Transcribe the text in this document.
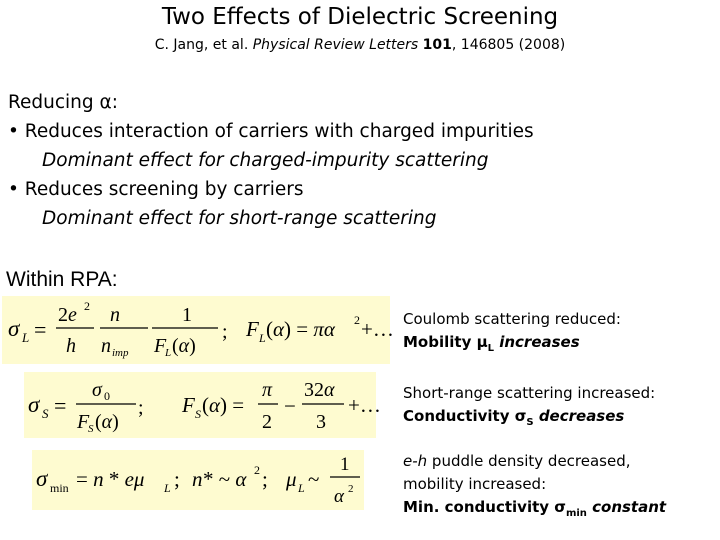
Two Effects of Dielectric Screening
C. Jang, et al. Physical Review Letters 101, 146805 (2008)
Reducing α:
• Reduces interaction of carriers with charged impurities
Dominant effect for charged-impurity scattering
• Reduces screening by carriers
Dominant effect for short-range scattering
Within RPA:
σ L =
2e 2
h
n
n imp
1
F
L (α)
; F L (α) = πα 2 +…
σ S =
σ 0
F
S (α)
; F S (α) =
π
2
−
32α
3
+…
σ min = n * eμ L ; n * ~ α 2 ; μ L ~
1
α 2
Coulomb scattering reduced:
Mobility $\mu_L$ increases
Short-range scattering increased:
Conductivity $\sigma_S$ decreases
e-h puddle density decreased,
mobility increased:
Min. conductivity $\sigma_{min}$ constant
